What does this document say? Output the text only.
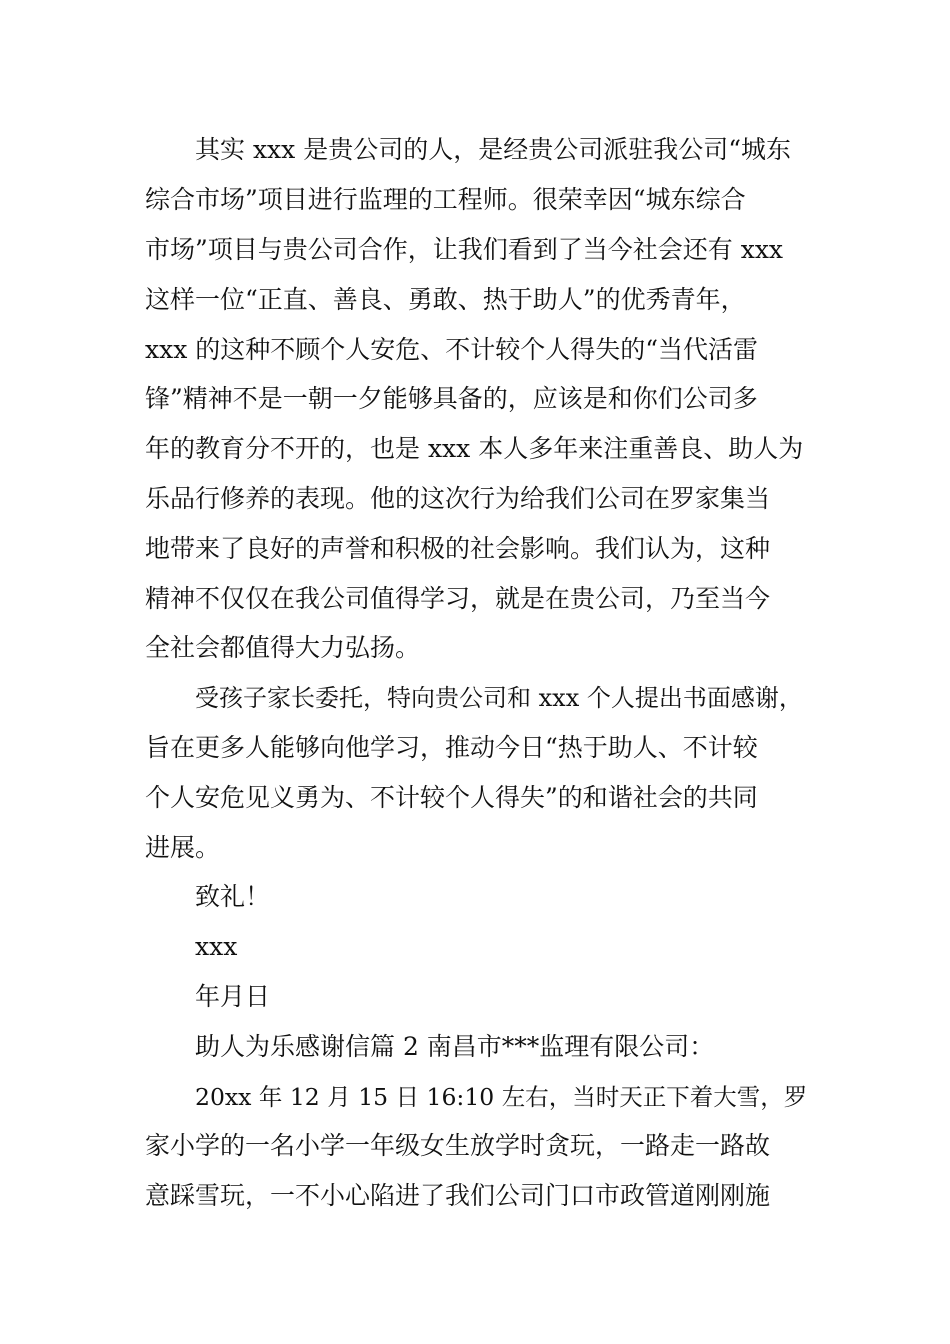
其实 xxx 是贵公司的人，是经贵公司派驻我公司“城东
综合市场”项目进行监理的工程师。很荣幸因“城东综合
市场”项目与贵公司合作，让我们看到了当今社会还有 xxx
这样一位“正直、善良、勇敢、热于助人”的优秀青年，
xxx 的这种不顾个人安危、不计较个人得失的“当代活雷
锋”精神不是一朝一夕能够具备的，应该是和你们公司多
年的教育分不开的，也是 xxx 本人多年来注重善良、助人为
乐品行修养的表现。他的这次行为给我们公司在罗家集当
地带来了良好的声誉和积极的社会影响。我们认为，这种
精神不仅仅在我公司值得学习，就是在贵公司，乃至当今
全社会都值得大力弘扬。
受孩子家长委托，特向贵公司和 xxx 个人提出书面感谢，
旨在更多人能够向他学习，推动今日“热于助人、不计较
个人安危见义勇为、不计较个人得失”的和谐社会的共同
进展。
致礼！
xxx
年月日
助人为乐感谢信篇 2 南昌市***监理有限公司：
20xx 年 12 月 15 日 16:10 左右，当时天正下着大雪，罗
家小学的一名小学一年级女生放学时贪玩，一路走一路故
意踩雪玩，一不小心陷进了我们公司门口市政管道刚刚施
